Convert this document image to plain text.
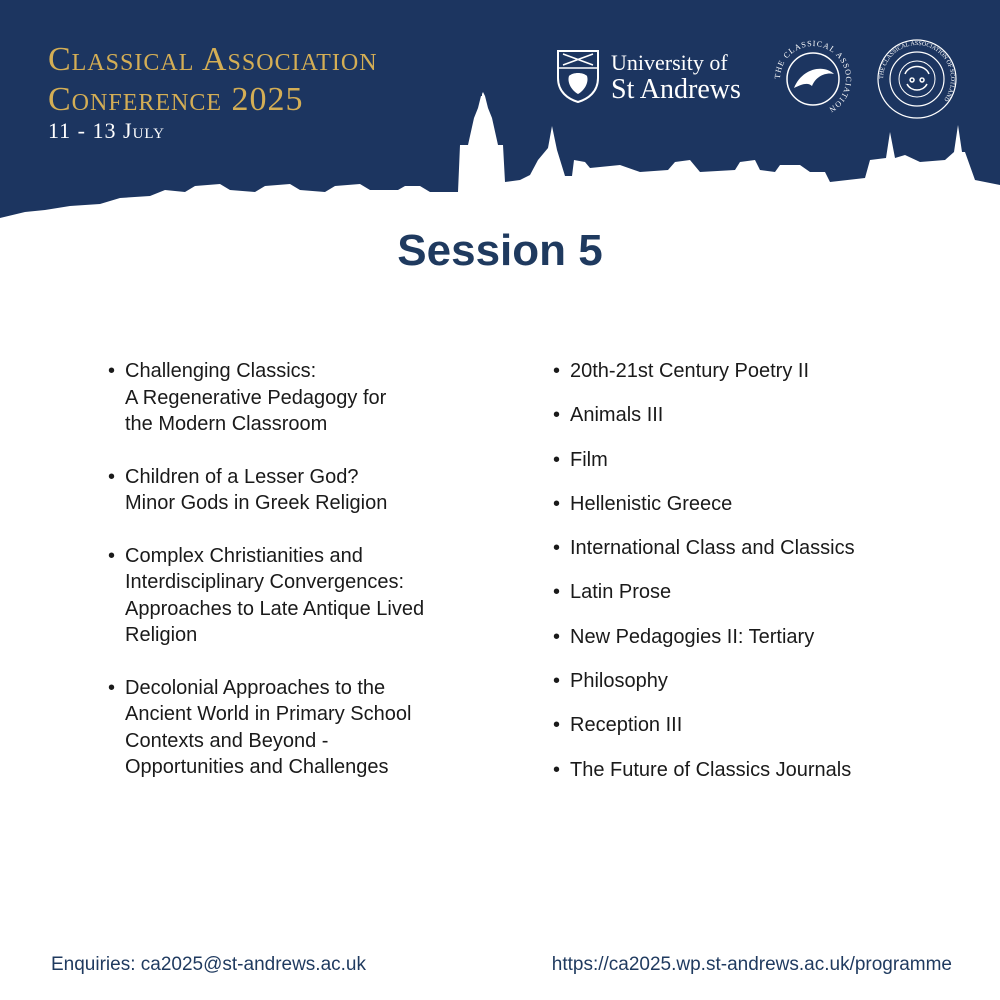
Classical Association
Conference 2025
11 - 13 July
University of
St Andrews	THE CLASSICAL ASSOCIATION
THE CLASSICAL ASSOCIATION OF SCOTLAND
Session 5
• Challenging Classics:
A Regenerative Pedagogy for
the Modern Classroom
• Children of a Lesser God?
Minor Gods in Greek Religion
• Complex Christianities and
Interdisciplinary Convergences:
Approaches to Late Antique Lived
Religion
• Decolonial Approaches to the
Ancient World in Primary School
Contexts and Beyond -
Opportunities and Challenges
• 20th-21st Century Poetry II
• Animals III
• Film
• Hellenistic Greece
• International Class and Classics
• Latin Prose
• New Pedagogies II: Tertiary
• Philosophy
• Reception III
• The Future of Classics Journals
Enquiries: ca2025@st-andrews.ac.uk	https://ca2025.wp.st-andrews.ac.uk/programme
